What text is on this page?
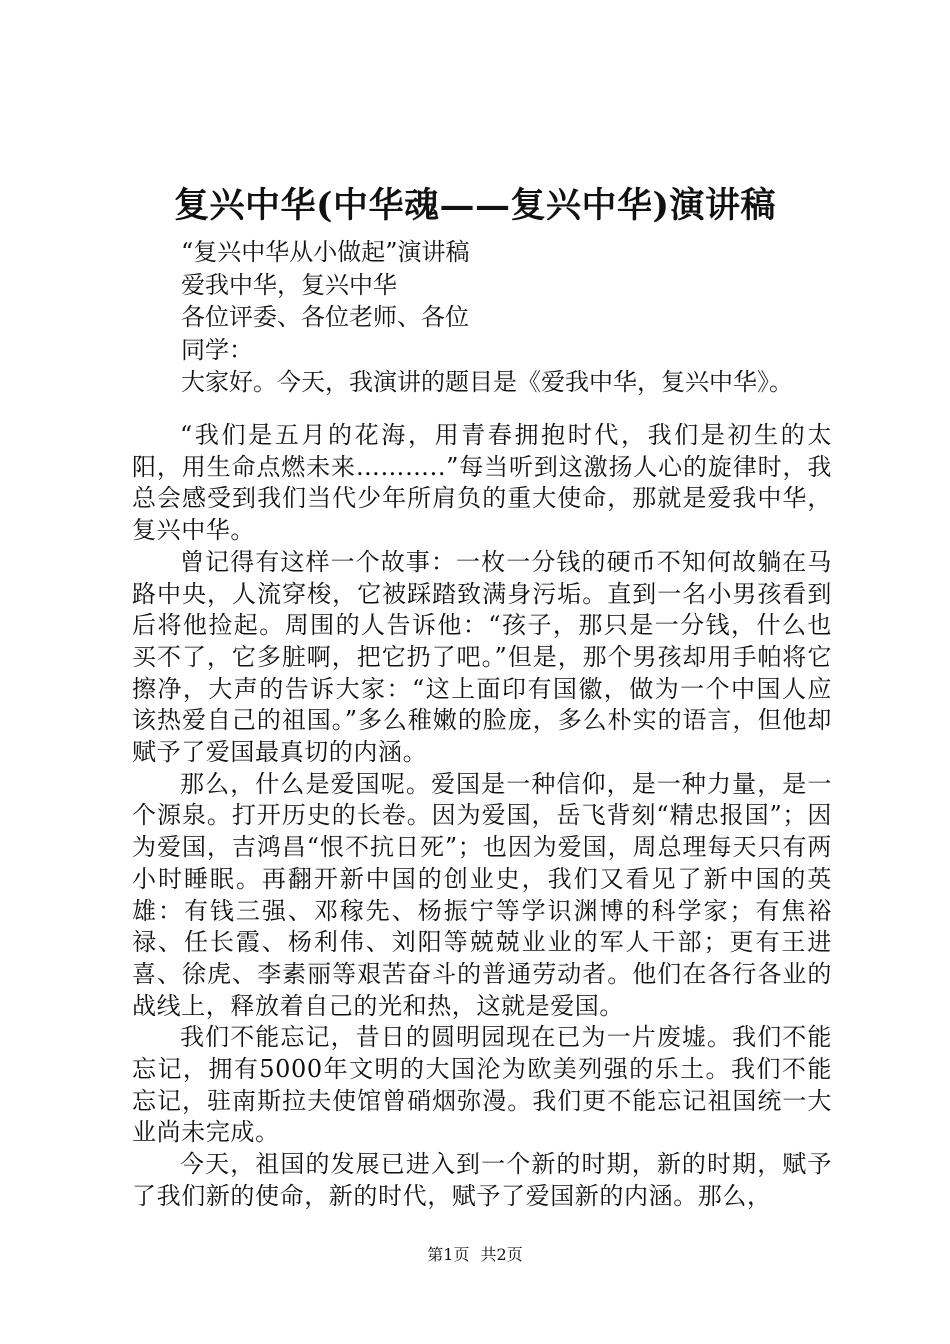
复兴中华(中华魂——复兴中华)演讲稿

“复兴中华从小做起”演讲稿

爱我中华，复兴中华

各位评委、各位老师、各位

同学：

大家好。今天，我演讲的题目是《爱我中华，复兴中华》。

“我们是五月的花海，用青春拥抱时代，我们是初生的太阳，用生命点燃未来………..”每当听到这激扬人心的旋律时，我总会感受到我们当代少年所肩负的重大使命，那就是爱我中华，复兴中华。

曾记得有这样一个故事：一枚一分钱的硬币不知何故躺在马路中央，人流穿梭，它被踩踏致满身污垢。直到一名小男孩看到后将他捡起。周围的人告诉他：“孩子，那只是一分钱，什么也买不了，它多脏啊，把它扔了吧。”但是，那个男孩却用手帕将它擦净，大声的告诉大家：“这上面印有国徽，做为一个中国人应该热爱自己的祖国。”多么稚嫩的脸庞，多么朴实的语言，但他却赋予了爱国最真切的内涵。

那么，什么是爱国呢。爱国是一种信仰，是一种力量，是一个源泉。打开历史的长卷。因为爱国，岳飞背刻“精忠报国”；因为爱国，吉鸿昌“恨不抗日死”；也因为爱国，周总理每天只有两小时睡眠。再翻开新中国的创业史，我们又看见了新中国的英雄：有钱三强、邓稼先、杨振宁等学识渊博的科学家；有焦裕禄、任长霞、杨利伟、刘阳等兢兢业业的军人干部；更有王进喜、徐虎、李素丽等艰苦奋斗的普通劳动者。他们在各行各业的战线上，释放着自己的光和热，这就是爱国。

我们不能忘记，昔日的圆明园现在已为一片废墟。我们不能忘记，拥有5000年文明的大国沦为欧美列强的乐土。我们不能忘记，驻南斯拉夫使馆曾硝烟弥漫。我们更不能忘记祖国统一大业尚未完成。

今天，祖国的发展已进入到一个新的时期，新的时期，赋予了我们新的使命，新的时代，赋予了爱国新的内涵。那么，

第1页 共2页
